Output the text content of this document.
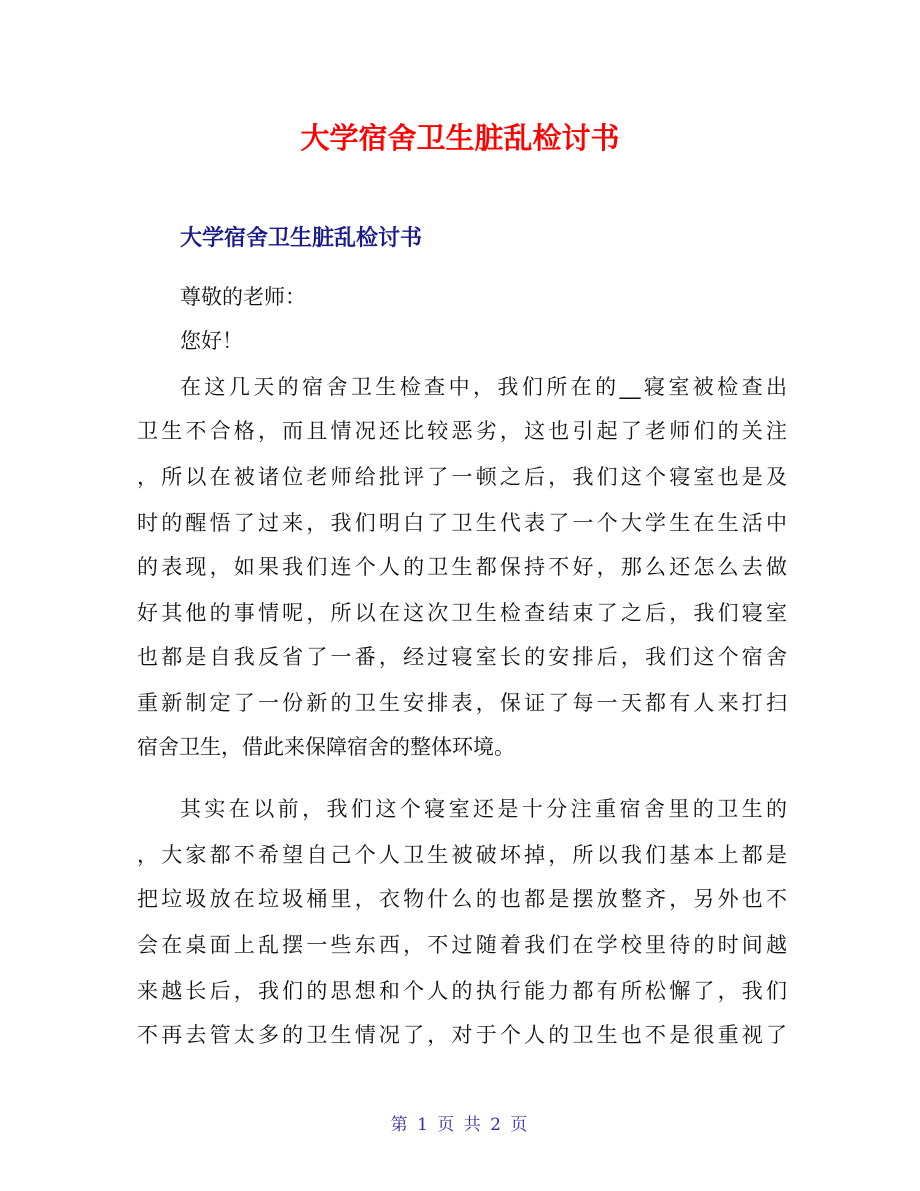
大学宿舍卫生脏乱检讨书
大学宿舍卫生脏乱检讨书
尊敬的老师：
您好！
在这几天的宿舍卫生检查中，我们所在的__寝室被检查出
卫生不合格，而且情况还比较恶劣，这也引起了老师们的关注
，所以在被诸位老师给批评了一顿之后，我们这个寝室也是及
时的醒悟了过来，我们明白了卫生代表了一个大学生在生活中
的表现，如果我们连个人的卫生都保持不好，那么还怎么去做
好其他的事情呢，所以在这次卫生检查结束了之后，我们寝室
也都是自我反省了一番，经过寝室长的安排后，我们这个宿舍
重新制定了一份新的卫生安排表，保证了每一天都有人来打扫
宿舍卫生，借此来保障宿舍的整体环境。
其实在以前，我们这个寝室还是十分注重宿舍里的卫生的
，大家都不希望自己个人卫生被破坏掉，所以我们基本上都是
把垃圾放在垃圾桶里，衣物什么的也都是摆放整齐，另外也不
会在桌面上乱摆一些东西，不过随着我们在学校里待的时间越
来越长后，我们的思想和个人的执行能力都有所松懈了，我们
不再去管太多的卫生情况了，对于个人的卫生也不是很重视了
第 1 页 共 2 页
